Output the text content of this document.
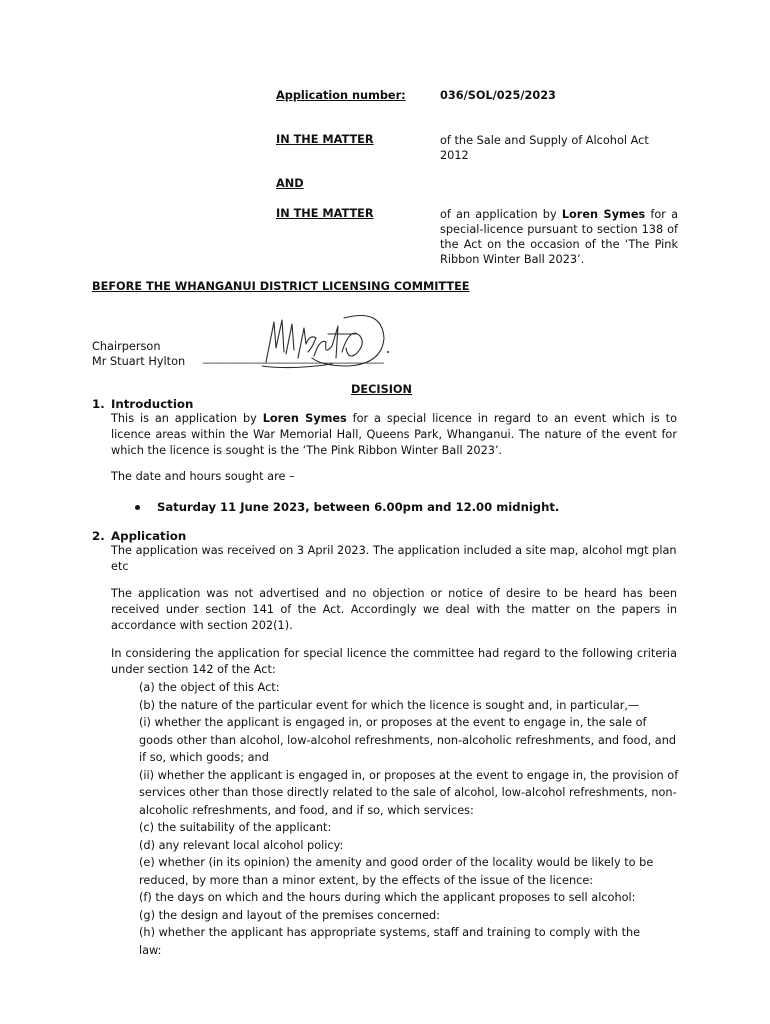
Application number:	036/SOL/025/2023
IN THE MATTER	of the Sale and Supply of Alcohol Act 2012
AND
IN THE MATTER	of an application by Loren Symes for a special-licence pursuant to section 138 of the Act on the occasion of the ‘The Pink Ribbon Winter Ball 2023’.
BEFORE THE WHANGANUI DISTRICT LICENSING COMMITTEE
Chairperson
Mr Stuart Hylton ________________________________
DECISION
1. Introduction
This is an application by Loren Symes for a special licence in regard to an event which is to licence areas within the War Memorial Hall, Queens Park, Whanganui. The nature of the event for which the licence is sought is the ‘The Pink Ribbon Winter Ball 2023’.
The date and hours sought are –
Saturday 11 June 2023, between 6.00pm and 12.00 midnight.
2. Application
The application was received on 3 April 2023. The application included a site map, alcohol mgt plan etc
The application was not advertised and no objection or notice of desire to be heard has been received under section 141 of the Act. Accordingly we deal with the matter on the papers in accordance with section 202(1).
In considering the application for special licence the committee had regard to the following criteria under section 142 of the Act:
(a) the object of this Act:
(b) the nature of the particular event for which the licence is sought and, in particular,—
(i) whether the applicant is engaged in, or proposes at the event to engage in, the sale of goods other than alcohol, low-alcohol refreshments, non-alcoholic refreshments, and food, and if so, which goods; and
(ii) whether the applicant is engaged in, or proposes at the event to engage in, the provision of services other than those directly related to the sale of alcohol, low-alcohol refreshments, non-alcoholic refreshments, and food, and if so, which services:
(c) the suitability of the applicant:
(d) any relevant local alcohol policy:
(e) whether (in its opinion) the amenity and good order of the locality would be likely to be reduced, by more than a minor extent, by the effects of the issue of the licence:
(f) the days on which and the hours during which the applicant proposes to sell alcohol:
(g) the design and layout of the premises concerned:
(h) whether the applicant has appropriate systems, staff and training to comply with the law:
